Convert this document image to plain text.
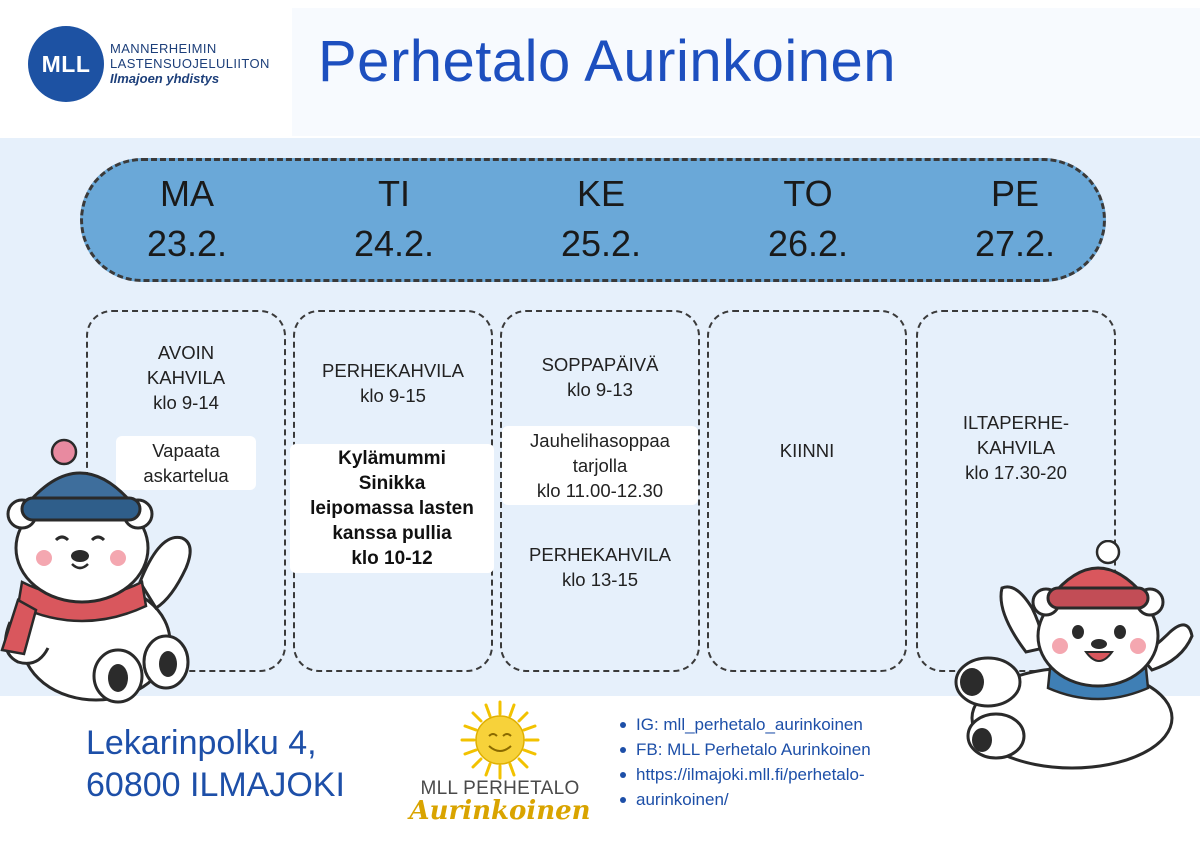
MLL
MANNERHEIMIN
LASTENSUOJELULIITON
Ilmajoen yhdistys	Perhetalo Aurinkoinen
MA
23.2.
TI
24.2.
KE
25.2.
TO
26.2.
PE
27.2.
AVOIN
KAHVILA
klo 9-14
Vapaata
askartelua
PERHEKAHVILA
klo 9-15
Kylämummi
Sinikka
leipomassa lasten
kanssa pullia
klo 10-12
SOPPAPÄIVÄ
klo 9-13
Jauhelihasoppaa
tarjolla
klo 11.00-12.30
PERHEKAHVILA
klo 13-15
KIINNI
ILTAPERHE-
KAHVILA
klo 17.30-20
Lekarinpolku 4,
60800 ILMAJOKI	MLL PERHETALO
Aurinkoinen
IG: mll_perhetalo_aurinkoinen
FB: MLL Perhetalo Aurinkoinen
https://ilmajoki.mll.fi/perhetalo-
aurinkoinen/
